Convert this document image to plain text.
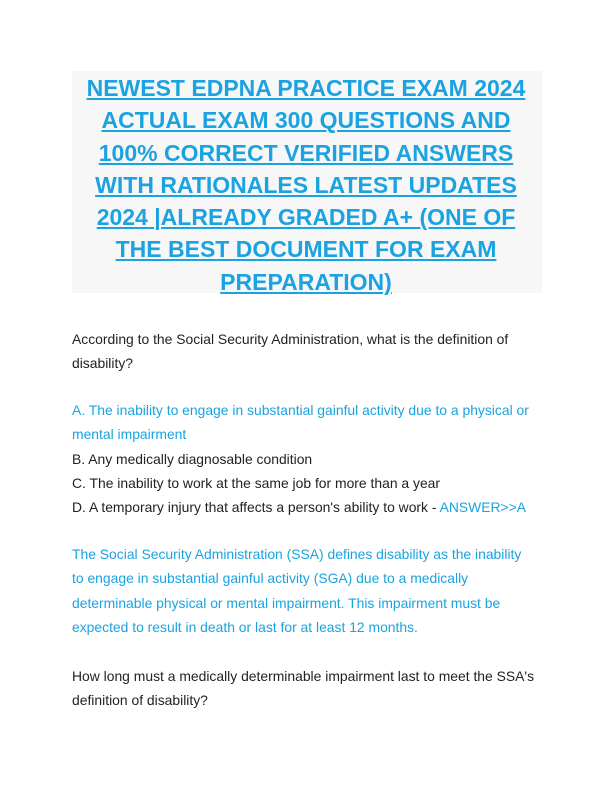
NEWEST EDPNA PRACTICE EXAM 2024
ACTUAL EXAM 300 QUESTIONS AND
100% CORRECT VERIFIED ANSWERS
WITH RATIONALES LATEST UPDATES
2024 |ALREADY GRADED A+ (ONE OF
THE BEST DOCUMENT FOR EXAM
PREPARATION)

According to the Social Security Administration, what is the definition of
disability?

A. The inability to engage in substantial gainful activity due to a physical or
mental impairment
B. Any medically diagnosable condition
C. The inability to work at the same job for more than a year
D. A temporary injury that affects a person's ability to work - ANSWER>>A

The Social Security Administration (SSA) defines disability as the inability
to engage in substantial gainful activity (SGA) due to a medically
determinable physical or mental impairment. This impairment must be
expected to result in death or last for at least 12 months.

How long must a medically determinable impairment last to meet the SSA's
definition of disability?
